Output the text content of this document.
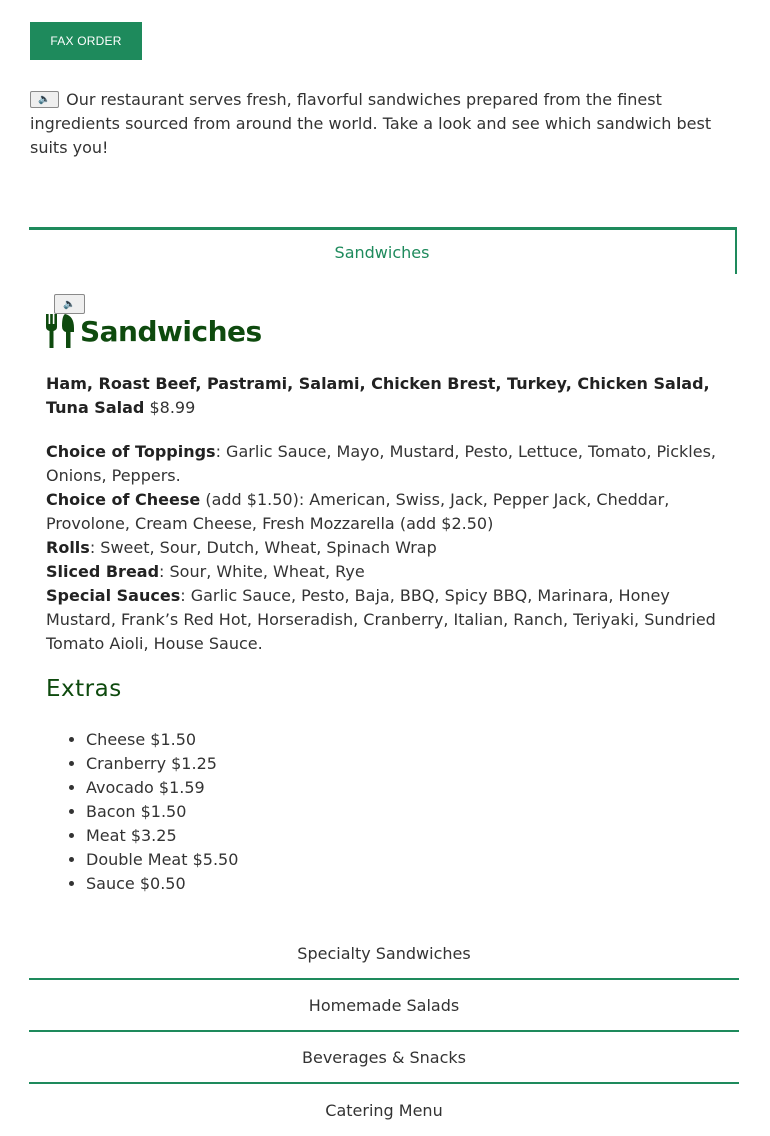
FAX ORDER
🔈 Our restaurant serves fresh, flavorful sandwiches prepared from the finest ingredients sourced from around the world. Take a look and see which sandwich best suits you!
Sandwiches
🔈
Sandwiches
Ham, Roast Beef, Pastrami, Salami, Chicken Brest, Turkey, Chicken Salad, Tuna Salad $8.99

Choice of Toppings: Garlic Sauce, Mayo, Mustard, Pesto, Lettuce, Tomato, Pickles, Onions, Peppers.

Choice of Cheese (add $1.50): American, Swiss, Jack, Pepper Jack, Cheddar, Provolone, Cream Cheese, Fresh Mozzarella (add $2.50)

Rolls: Sweet, Sour, Dutch, Wheat, Spinach Wrap

Sliced Bread: Sour, White, Wheat, Rye

Special Sauces: Garlic Sauce, Pesto, Baja, BBQ, Spicy BBQ, Marinara, Honey Mustard, Frank’s Red Hot, Horseradish, Cranberry, Italian, Ranch, Teriyaki, Sundried Tomato Aioli, House Sauce.

Extras
• Cheese $1.50
• Cranberry $1.25
• Avocado $1.59
• Bacon $1.50
• Meat $3.25
• Double Meat $5.50
• Sauce $0.50
Specialty Sandwiches
Homemade Salads
Beverages & Snacks
Catering Menu
